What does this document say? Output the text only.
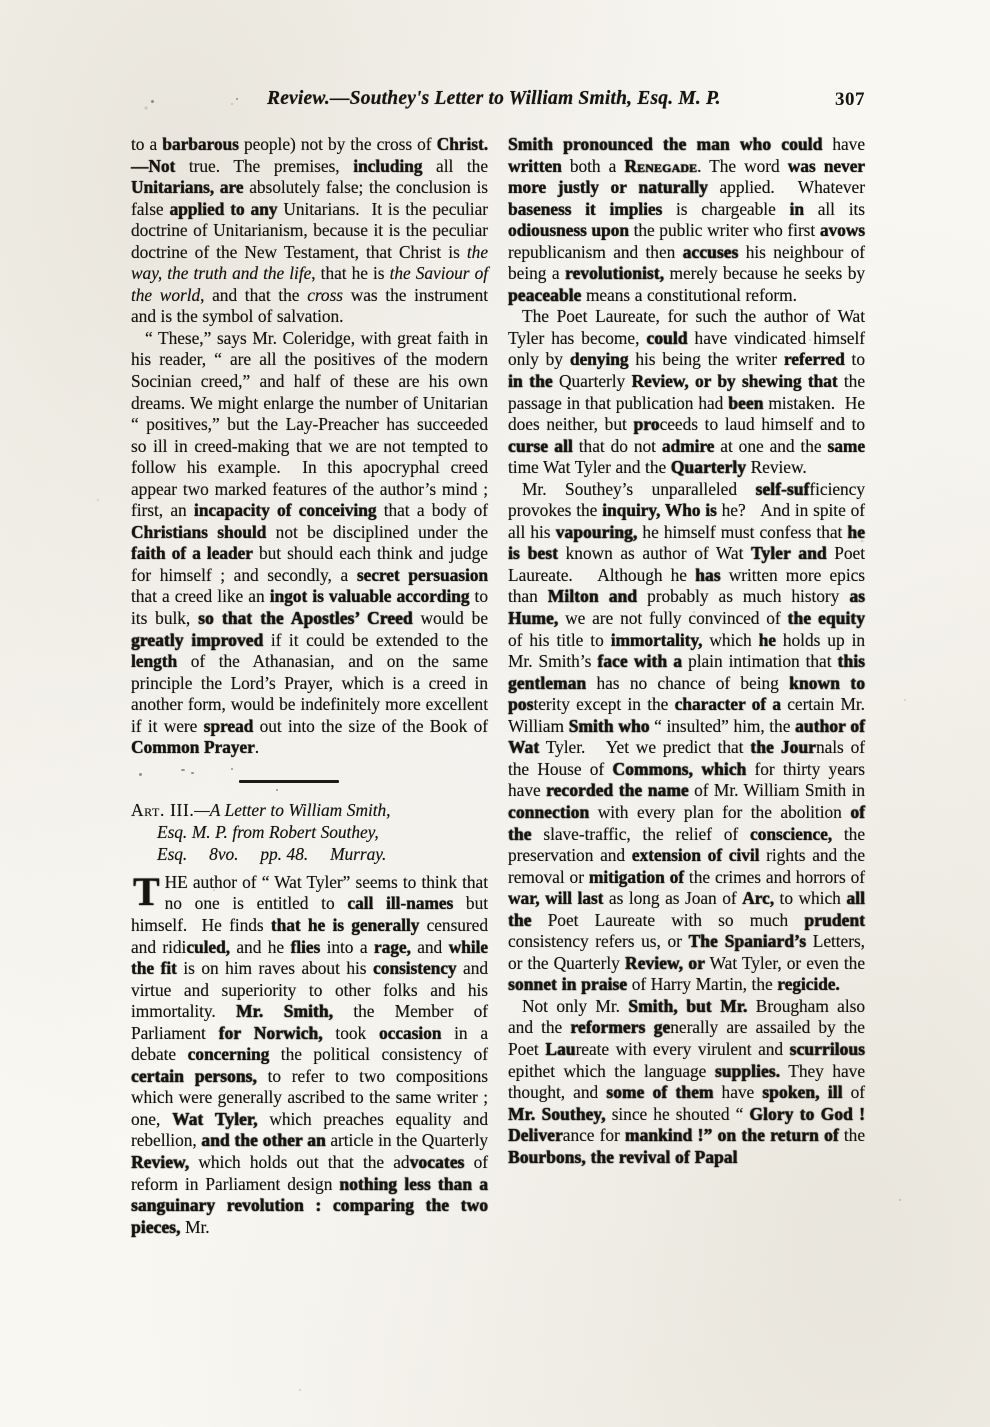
Review.—Southey's Letter to William Smith, Esq. M. P.	307

to a barbarous people) not by the cross of Christ.—Not true. The premises, including all the Unitarians, are absolutely false; the conclusion is false applied to any Unitarians.  It is the peculiar doctrine of Unitarianism, because it is the peculiar doctrine of the New Testament, that Christ is the way, the truth and the life, that he is the Saviour of the world, and that the cross was the instrument and is the symbol of salvation.

“ These,” says Mr. Coleridge, with great faith in his reader, “ are all the positives of the modern Socinian creed,” and half of these are his own dreams. We might enlarge the number of Unitarian “ positives,” but the Lay-Preacher has succeeded so ill in creed-making that we are not tempted to follow his example.  In this apocryphal creed appear two marked features of the author’s mind ; first, an incapacity of conceiving that a body of Christians should not be disciplined under the faith of a leader but should each think and judge for himself ; and secondly, a secret persuasion that a creed like an ingot is valuable according to its bulk, so that the Apostles’ Creed would be greatly improved if it could be extended to the length of the Athanasian, and on the same principle the Lord’s Prayer, which is a creed in another form, would be indefinitely more excellent if it were spread out into the size of the Book of Common Prayer.

Art. III.—A Letter to William Smith,
Esq. M. P. from Robert Southey,
Esq.  8vo.  pp. 48.  Murray.

THE author of “ Wat Tyler” seems to think that no one is entitled to call ill-names but himself.  He finds that he is generally censured and ridiculed, and he flies into a rage, and while the fit is on him raves about his consistency and virtue and superiority to other folks and his immortality. Mr. Smith, the Member of Parliament for Norwich, took occasion in a debate concerning the political consistency of certain persons, to refer to two compositions which were generally ascribed to the same writer ; one, Wat Tyler, which preaches equality and rebellion, and the other an article in the Quarterly Review, which holds out that the advocates of reform in Parliament design nothing less than a sanguinary revolution : comparing the two pieces, Mr.

Smith pronounced the man who could have written both a Renegade. The word was never more justly or naturally applied.  Whatever baseness it implies is chargeable in all its odiousness upon the public writer who first avows republicanism and then accuses his neighbour of being a revolutionist, merely because he seeks by peaceable means a constitutional reform.

The Poet Laureate, for such the author of Wat Tyler has become, could have vindicated himself only by denying his being the writer referred to in the Quarterly Review, or by shewing that the passage in that publication had been mistaken.  He does neither, but proceeds to laud himself and to curse all that do not admire at one and the same time Wat Tyler and the Quarterly Review.

Mr. Southey’s unparalleled self-sufficiency provokes the inquiry, Who is he?   And in spite of all his vapouring, he himself must confess that he is best known as author of Wat Tyler and Poet Laureate.   Although he has written more epics than Milton and probably as much history as Hume, we are not fully convinced of the equity of his title to immortality, which he holds up in Mr. Smith’s face with a plain intimation that this gentleman has no chance of being known to posterity except in the character of a certain Mr. William Smith who “ insulted” him, the author of Wat Tyler.   Yet we predict that the Journals of the House of Commons, which for thirty years have recorded the name of Mr. William Smith in connection with every plan for the abolition of the slave-traffic, the relief of conscience, the preservation and extension of civil rights and the removal or mitigation of the crimes and horrors of war, will last as long as Joan of Arc, to which all the Poet Laureate with so much prudent consistency refers us, or The Spaniard’s Letters, or the Quarterly Review, or Wat Tyler, or even the sonnet in praise of Harry Martin, the regicide.

Not only Mr. Smith, but Mr. Brougham also and the reformers generally are assailed by the Poet Laureate with every virulent and scurrilous epithet which the language supplies. They have thought, and some of them have spoken, ill of Mr. Southey, since he shouted “ Glory to God ! Deliverance for mankind !” on the return of the Bourbons, the revival of Papal
